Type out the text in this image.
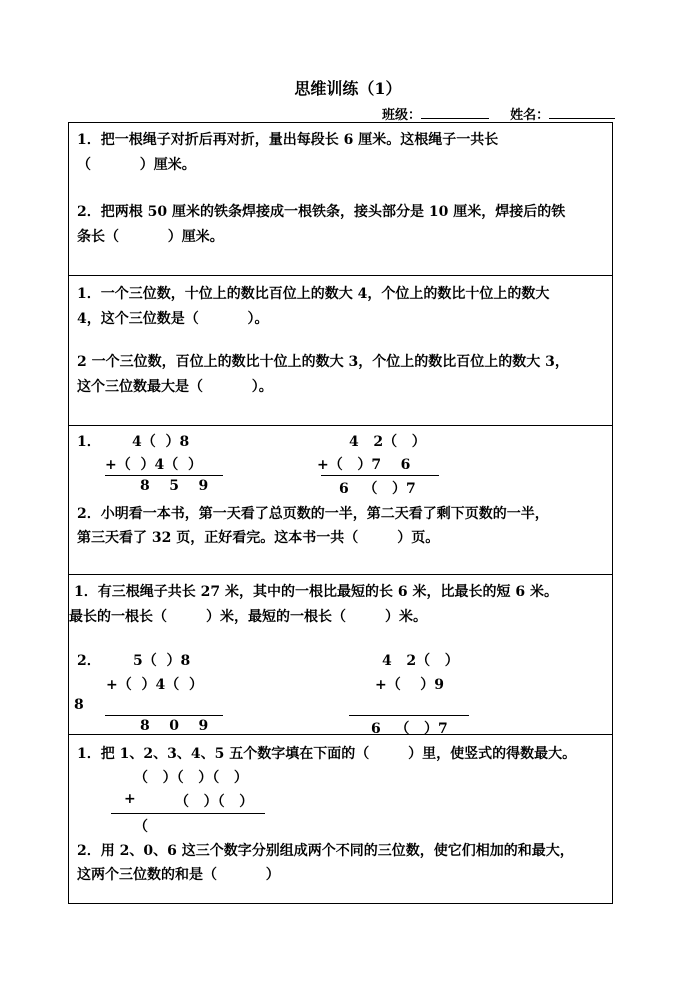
思维训练（1）
班级：	姓名：
1．把一根绳子对折后再对折，量出每段长 6 厘米。这根绳子一共长
（          ）厘米。
2．把两根 50 厘米的铁条焊接成一根铁条，接头部分是 10 厘米，焊接后的铁
条长（          ）厘米。
1．一个三位数，十位上的数比百位上的数大 4，个位上的数比十位上的数大
4，这个三位数是（          ）。
2 一个三位数，百位上的数比十位上的数大 3，个位上的数比百位上的数大 3，
这个三位数最大是（          ）。
1． 4（  ）8
+（  ）4（  ）
8    5    9
4   2（   ）
+（   ）7    6
6   （   ）7
2．小明看一本书，第一天看了总页数的一半，第二天看了剩下页数的一半，
第三天看了 32 页，正好看完。这本书一共（        ）页。
1．有三根绳子共长 27 米，其中的一根比最短的长 6 米，比最长的短 6 米。
最长的一根长（        ）米，最短的一根长（        ）米。
2． 5（  ）8
+（  ）4（  ）
8
8    0    9
4   2（   ）
+（    ）9
6   （   ）7
1．把 1、2、3、4、5 五个数字填在下面的（        ）里，使竖式的得数最大。
（   ）（   ）（   ）
+	（   ）（   ）
（
2．用 2、0、6 这三个数字分别组成两个不同的三位数，使它们相加的和最大，
这两个三位数的和是（          ）
